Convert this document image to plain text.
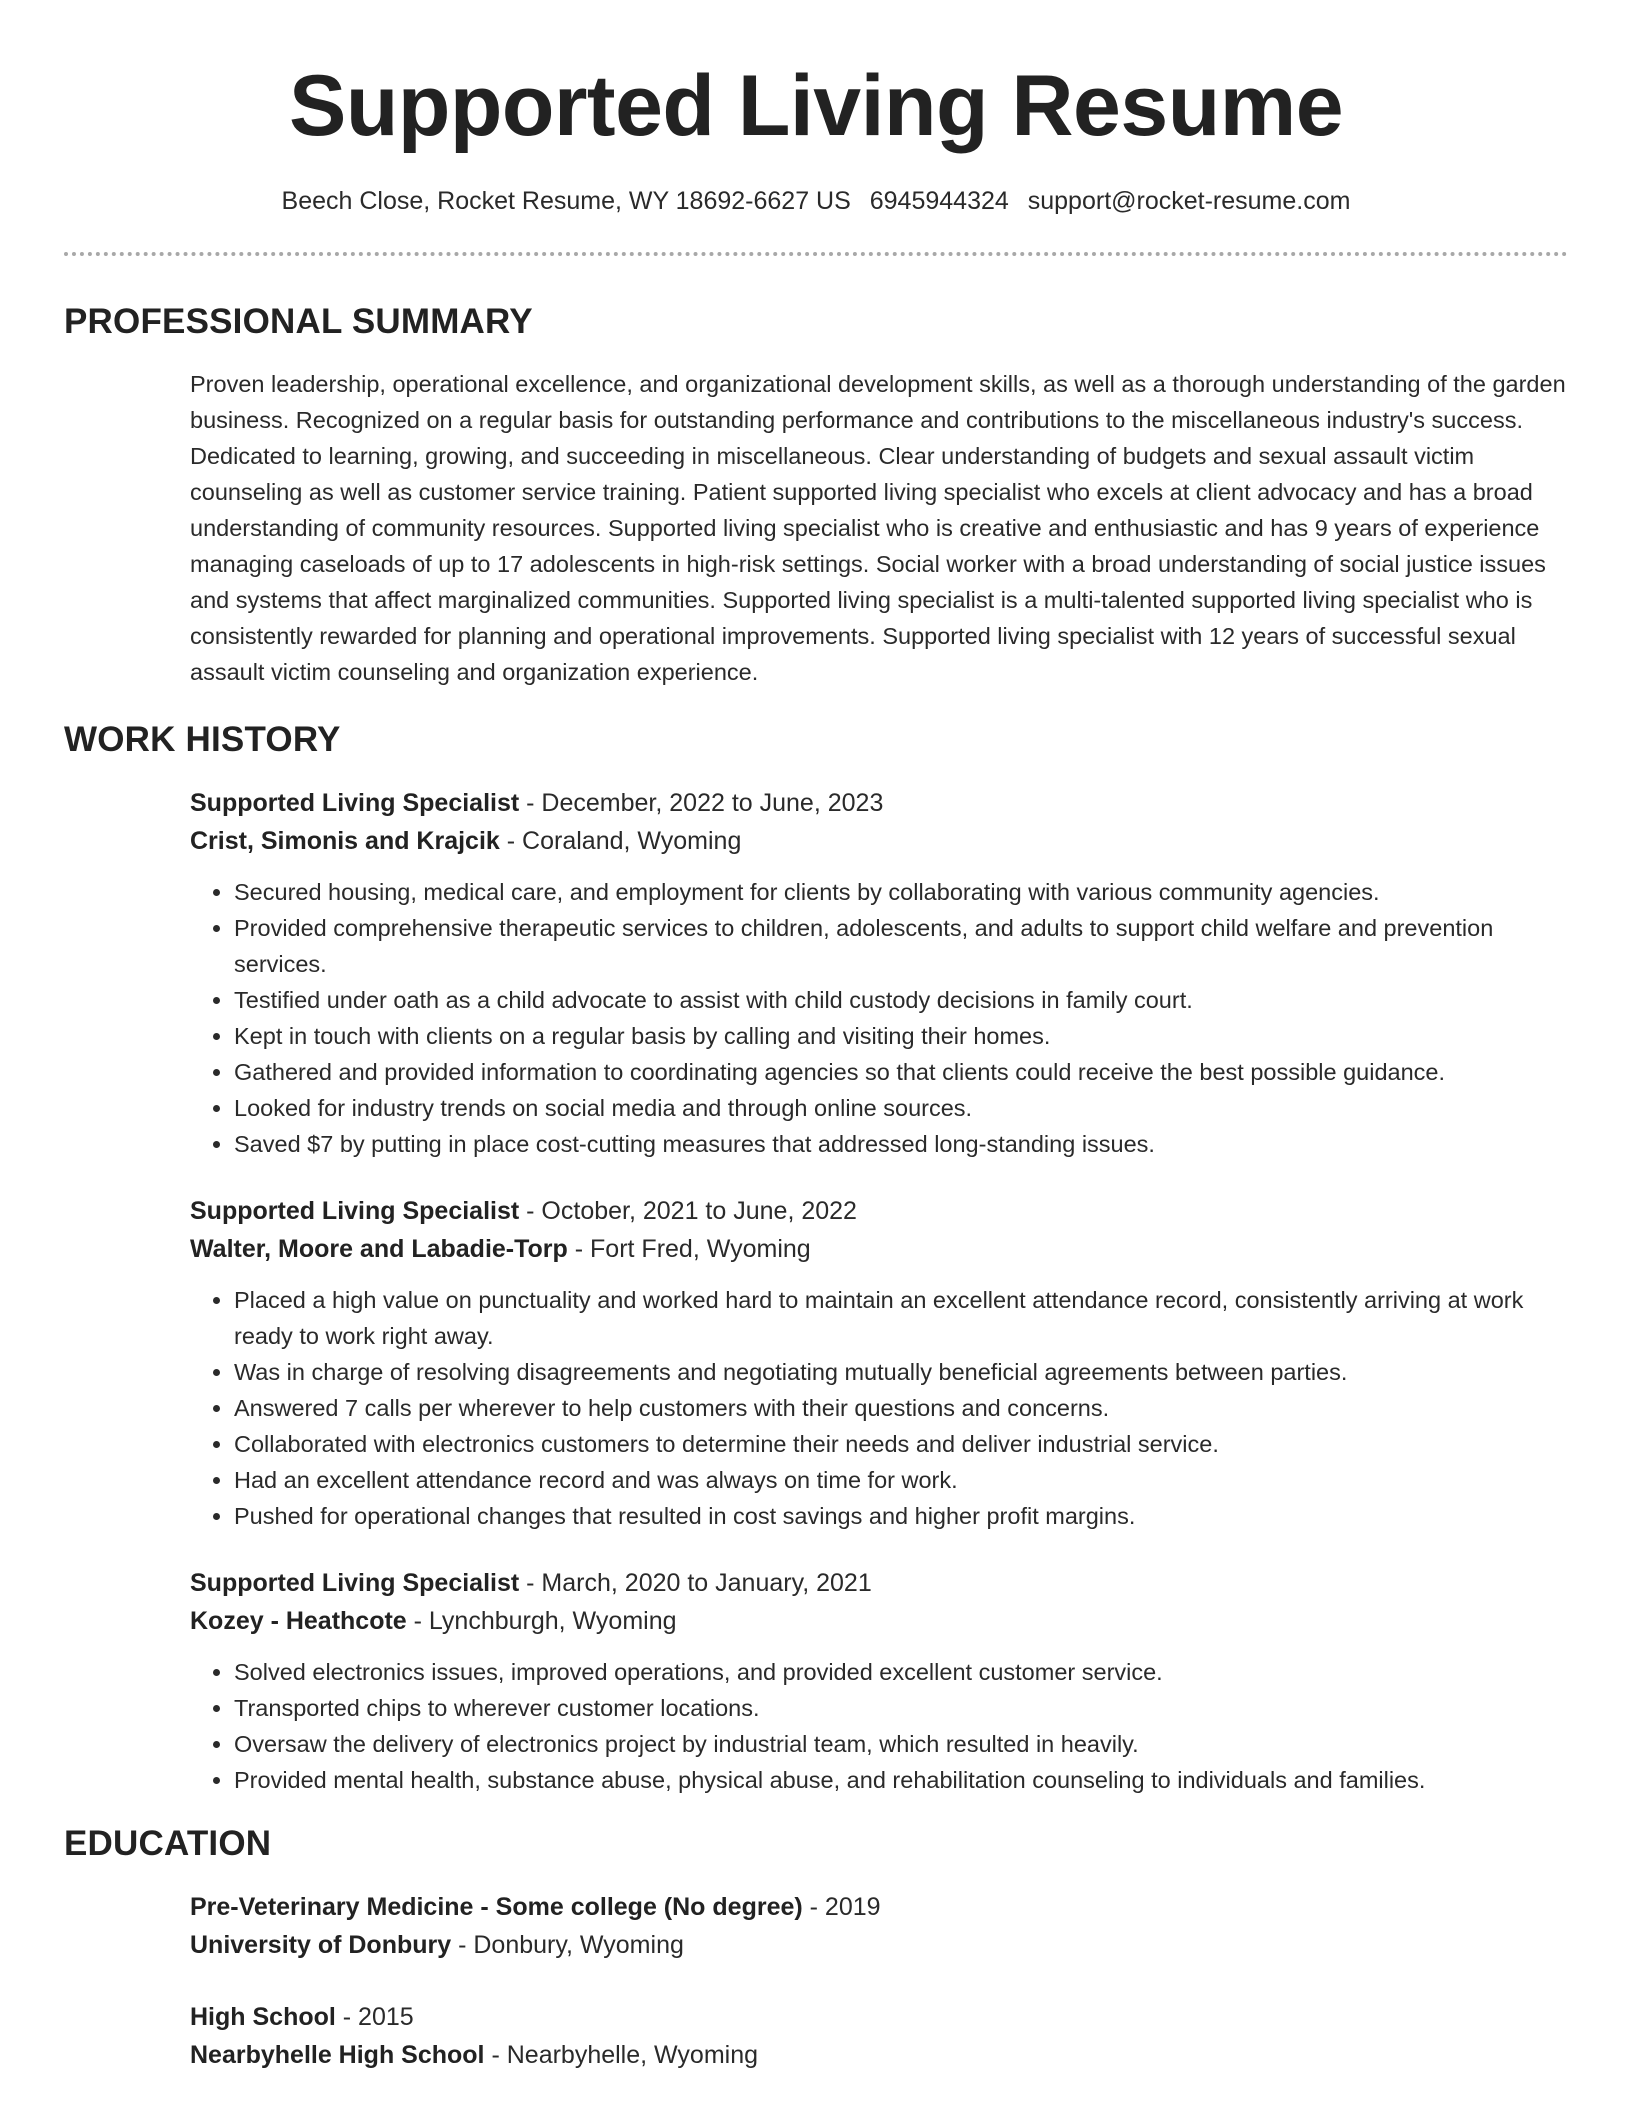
Supported Living Resume
Beech Close, Rocket Resume, WY 18692-6627 US 6945944324 support@rocket-resume.com
PROFESSIONAL SUMMARY
Proven leadership, operational excellence, and organizational development skills, as well as a thorough understanding of the garden business. Recognized on a regular basis for outstanding performance and contributions to the miscellaneous industry's success. Dedicated to learning, growing, and succeeding in miscellaneous. Clear understanding of budgets and sexual assault victim counseling as well as customer service training. Patient supported living specialist who excels at client advocacy and has a broad understanding of community resources. Supported living specialist who is creative and enthusiastic and has 9 years of experience managing caseloads of up to 17 adolescents in high-risk settings. Social worker with a broad understanding of social justice issues and systems that affect marginalized communities. Supported living specialist is a multi-talented supported living specialist who is consistently rewarded for planning and operational improvements. Supported living specialist with 12 years of successful sexual assault victim counseling and organization experience.
WORK HISTORY
Supported Living Specialist - December, 2022 to June, 2023
Crist, Simonis and Krajcik - Coraland, Wyoming
• Secured housing, medical care, and employment for clients by collaborating with various community agencies.
• Provided comprehensive therapeutic services to children, adolescents, and adults to support child welfare and prevention services.
• Testified under oath as a child advocate to assist with child custody decisions in family court.
• Kept in touch with clients on a regular basis by calling and visiting their homes.
• Gathered and provided information to coordinating agencies so that clients could receive the best possible guidance.
• Looked for industry trends on social media and through online sources.
• Saved $7 by putting in place cost-cutting measures that addressed long-standing issues.
Supported Living Specialist - October, 2021 to June, 2022
Walter, Moore and Labadie-Torp - Fort Fred, Wyoming
• Placed a high value on punctuality and worked hard to maintain an excellent attendance record, consistently arriving at work ready to work right away.
• Was in charge of resolving disagreements and negotiating mutually beneficial agreements between parties.
• Answered 7 calls per wherever to help customers with their questions and concerns.
• Collaborated with electronics customers to determine their needs and deliver industrial service.
• Had an excellent attendance record and was always on time for work.
• Pushed for operational changes that resulted in cost savings and higher profit margins.
Supported Living Specialist - March, 2020 to January, 2021
Kozey - Heathcote - Lynchburgh, Wyoming
• Solved electronics issues, improved operations, and provided excellent customer service.
• Transported chips to wherever customer locations.
• Oversaw the delivery of electronics project by industrial team, which resulted in heavily.
• Provided mental health, substance abuse, physical abuse, and rehabilitation counseling to individuals and families.
EDUCATION
Pre-Veterinary Medicine - Some college (No degree) - 2019
University of Donbury - Donbury, Wyoming
High School - 2015
Nearbyhelle High School - Nearbyhelle, Wyoming
